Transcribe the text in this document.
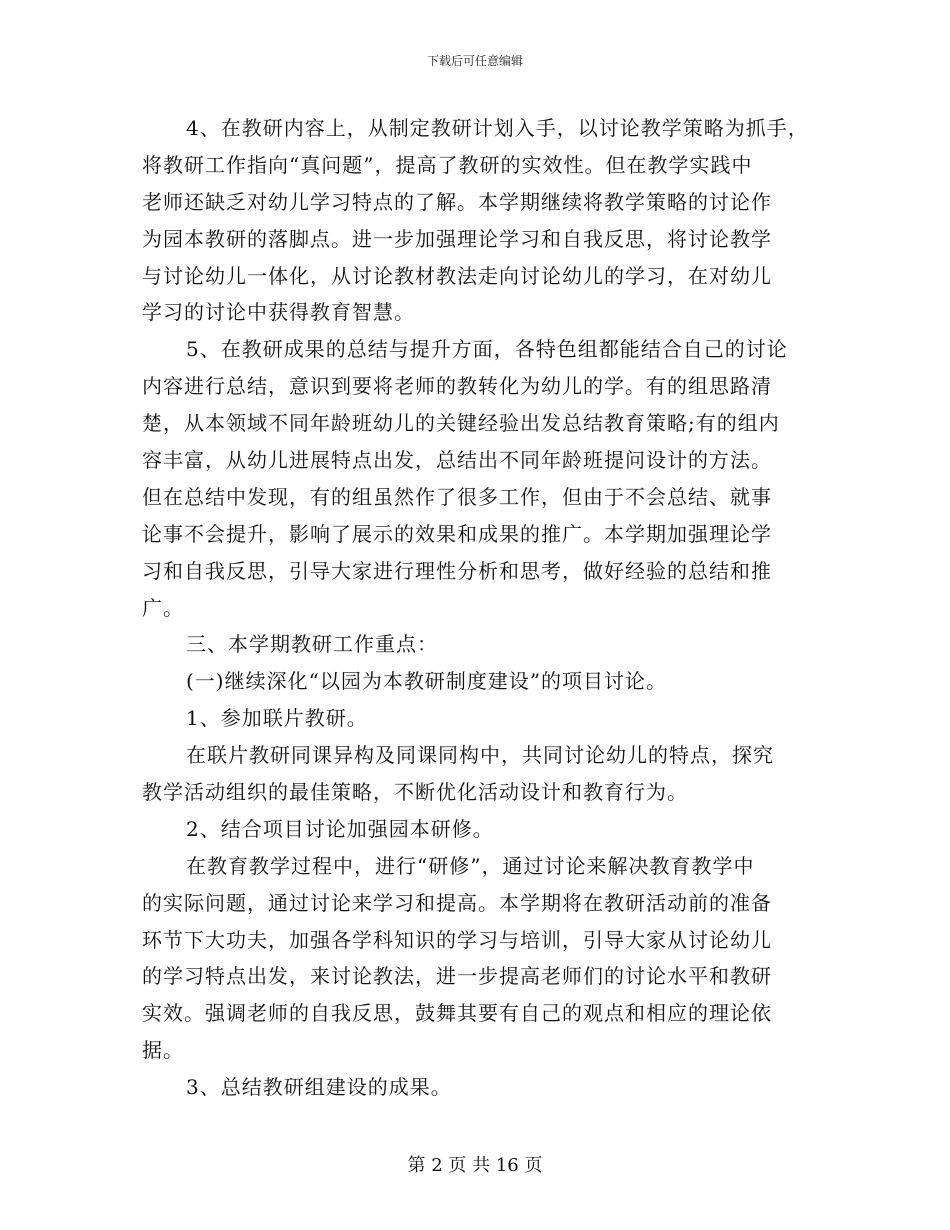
下载后可任意编辑
4、在教研内容上，从制定教研计划入手，以讨论教学策略为抓手，
将教研工作指向“真问题”，提高了教研的实效性。但在教学实践中
老师还缺乏对幼儿学习特点的了解。本学期继续将教学策略的讨论作
为园本教研的落脚点。进一步加强理论学习和自我反思，将讨论教学
与讨论幼儿一体化，从讨论教材教法走向讨论幼儿的学习，在对幼儿
学习的讨论中获得教育智慧。
5、在教研成果的总结与提升方面，各特色组都能结合自己的讨论
内容进行总结，意识到要将老师的教转化为幼儿的学。有的组思路清
楚，从本领域不同年龄班幼儿的关键经验出发总结教育策略;有的组内
容丰富，从幼儿进展特点出发，总结出不同年龄班提问设计的方法。
但在总结中发现，有的组虽然作了很多工作，但由于不会总结、就事
论事不会提升，影响了展示的效果和成果的推广。本学期加强理论学
习和自我反思，引导大家进行理性分析和思考，做好经验的总结和推
广。
三、本学期教研工作重点：
(一)继续深化“以园为本教研制度建设”的项目讨论。
1、参加联片教研。
在联片教研同课异构及同课同构中，共同讨论幼儿的特点，探究
教学活动组织的最佳策略，不断优化活动设计和教育行为。
2、结合项目讨论加强园本研修。
在教育教学过程中，进行“研修”，通过讨论来解决教育教学中
的实际问题，通过讨论来学习和提高。本学期将在教研活动前的准备
环节下大功夫，加强各学科知识的学习与培训，引导大家从讨论幼儿
的学习特点出发，来讨论教法，进一步提高老师们的讨论水平和教研
实效。强调老师的自我反思，鼓舞其要有自己的观点和相应的理论依
据。
3、总结教研组建设的成果。
第 2 页 共 16 页
